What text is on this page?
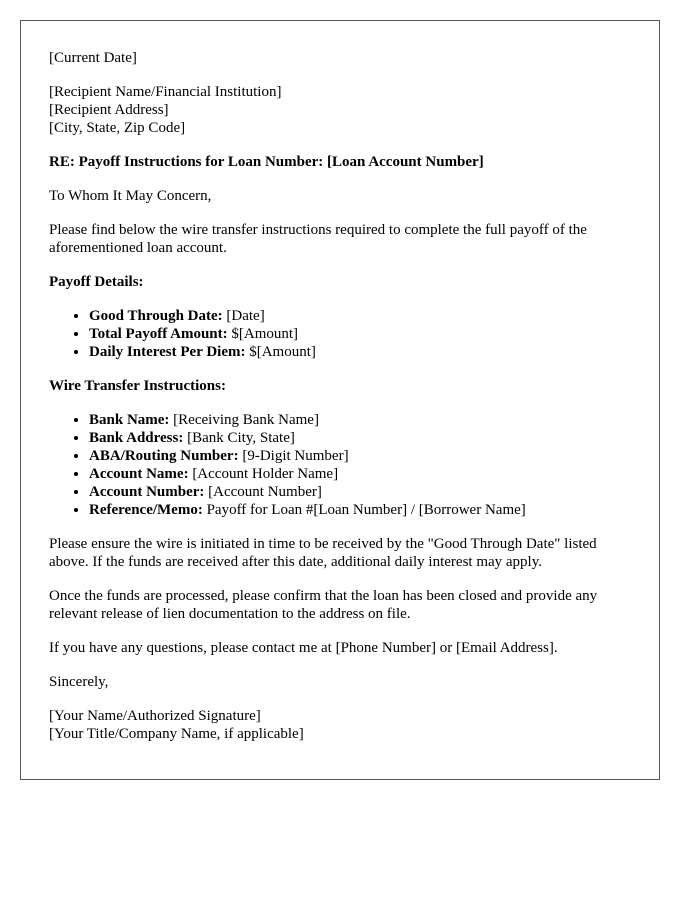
[Current Date]
[Recipient Name/Financial Institution]
[Recipient Address]
[City, State, Zip Code]
RE: Payoff Instructions for Loan Number: [Loan Account Number]
To Whom It May Concern,
Please find below the wire transfer instructions required to complete the full payoff of the aforementioned loan account.
Payoff Details:
• Good Through Date: [Date]
• Total Payoff Amount: $[Amount]
• Daily Interest Per Diem: $[Amount]
Wire Transfer Instructions:
• Bank Name: [Receiving Bank Name]
• Bank Address: [Bank City, State]
• ABA/Routing Number: [9-Digit Number]
• Account Name: [Account Holder Name]
• Account Number: [Account Number]
• Reference/Memo: Payoff for Loan #[Loan Number] / [Borrower Name]
Please ensure the wire is initiated in time to be received by the "Good Through Date" listed above. If the funds are received after this date, additional daily interest may apply.
Once the funds are processed, please confirm that the loan has been closed and provide any relevant release of lien documentation to the address on file.
If you have any questions, please contact me at [Phone Number] or [Email Address].
Sincerely,
[Your Name/Authorized Signature]
[Your Title/Company Name, if applicable]
